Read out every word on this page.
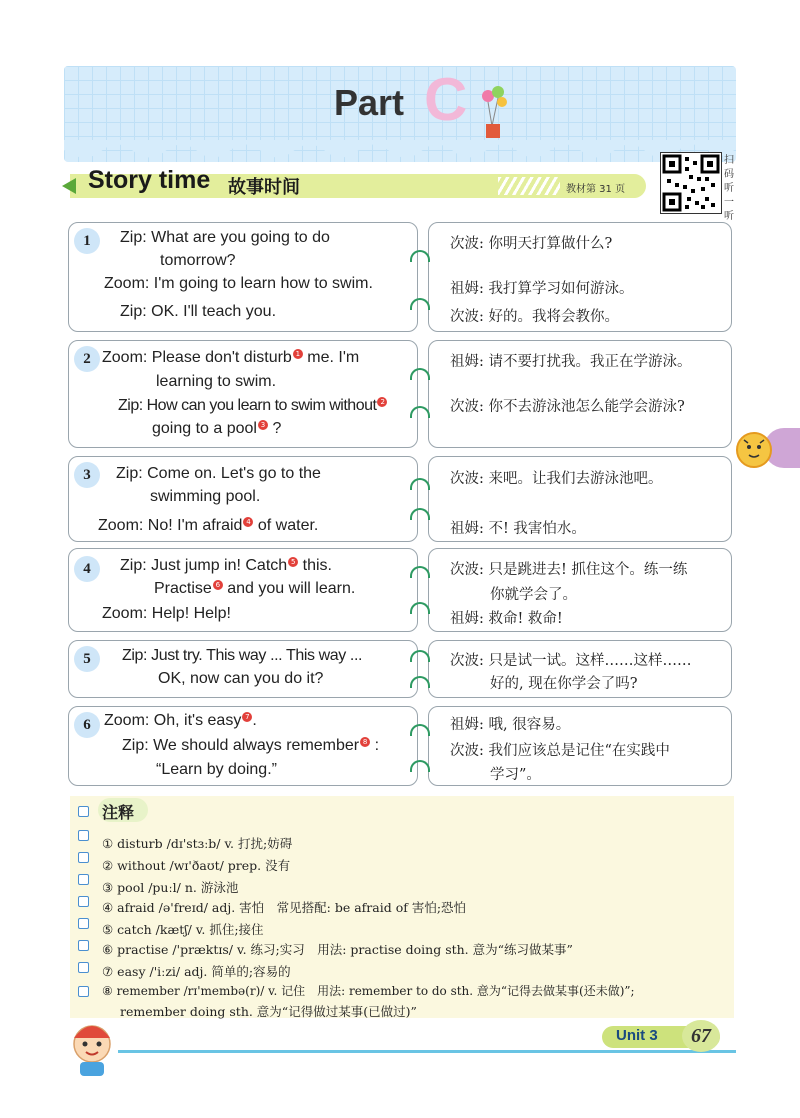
Part C
Story time 故事时间	教材第 31 页
扫
码
听
一
听
1	Zip: What are you going to do
tomorrow?
Zoom: I'm going to learn how to swim.
Zip: OK. I'll teach you.
次波: 你明天打算做什么?
祖姆: 我打算学习如何游泳。
次波: 好的。我将会教你。
2 Zoom: Please don't disturb 1 me. I'm
learning to swim.
Zip: How can you learn to swim without 2
going to a pool 3 ?
祖姆: 请不要打扰我。我正在学游泳。
次波: 你不去游泳池怎么能学会游泳?
3	Zip: Come on. Let's go to the
swimming pool.
Zoom: No! I'm afraid 4 of water.
次波: 来吧。让我们去游泳池吧。
祖姆: 不! 我害怕水。
4	Zip: Just jump in! Catch 5 this.
Practise 6 and you will learn.
Zoom: Help! Help!
次波: 只是跳进去! 抓住这个。练一练
你就学会了。
祖姆: 救命! 救命!
5	Zip: Just try. This way ... This way ...
OK, now can you do it?
次波: 只是试一试。这样……这样……
好的, 现在你学会了吗?
6 Zoom: Oh, it's easy 7 .
Zip: We should always remember 8 :
“Learn by doing.”
祖姆: 哦, 很容易。
次波: 我们应该总是记住“在实践中
学习”。
注释
① disturb /dɪ'stɜːb/ v. 打扰;妨碍
② without /wɪ'ðaʊt/ prep. 没有
③ pool /puːl/ n. 游泳池
④ afraid /ə'freɪd/ adj. 害怕　常见搭配: be afraid of 害怕;恐怕
⑤ catch /kætʃ/ v. 抓住;接住
⑥ practise /'præktɪs/ v. 练习;实习　用法: practise doing sth. 意为“练习做某事”
⑦ easy /'iːzi/ adj. 简单的;容易的
⑧ remember /rɪ'membə(r)/ v. 记住　用法: remember to do sth. 意为“记得去做某事(还未做)”;
remember doing sth. 意为“记得做过某事(已做过)”
Unit 3	67
